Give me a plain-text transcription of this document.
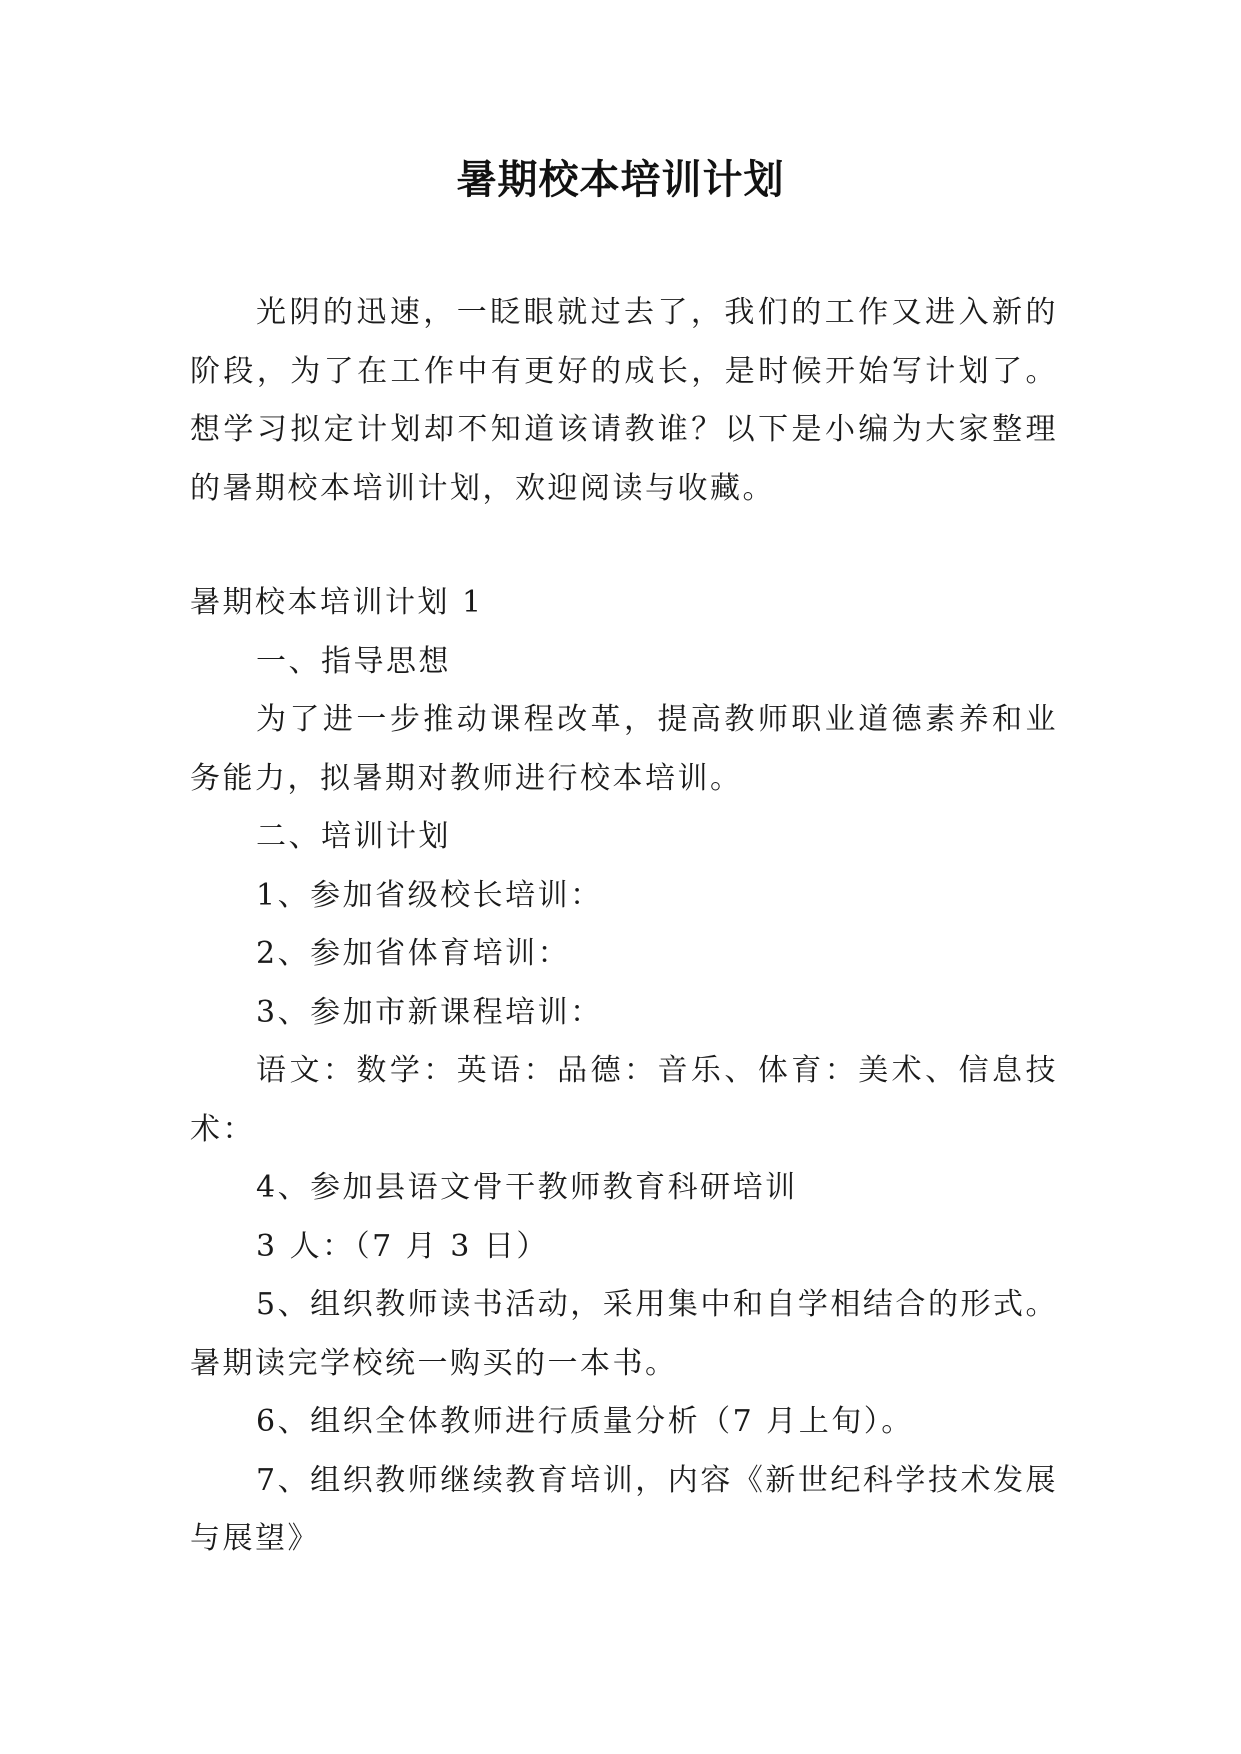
暑期校本培训计划

光阴的迅速，一眨眼就过去了，我们的工作又进入新的阶段，为了在工作中有更好的成长，是时候开始写计划了。想学习拟定计划却不知道该请教谁？以下是小编为大家整理的暑期校本培训计划，欢迎阅读与收藏。

暑期校本培训计划 1

一、指导思想

为了进一步推动课程改革，提高教师职业道德素养和业务能力，拟暑期对教师进行校本培训。

二、培训计划

1、参加省级校长培训：

2、参加省体育培训：

3、参加市新课程培训：

语文：数学：英语：品德：音乐、体育：美术、信息技术：

4、参加县语文骨干教师教育科研培训

3 人：（7 月 3 日）

5、组织教师读书活动，采用集中和自学相结合的形式。暑期读完学校统一购买的一本书。

6、组织全体教师进行质量分析（7 月上旬）。

7、组织教师继续教育培训，内容《新世纪科学技术发展与展望》
